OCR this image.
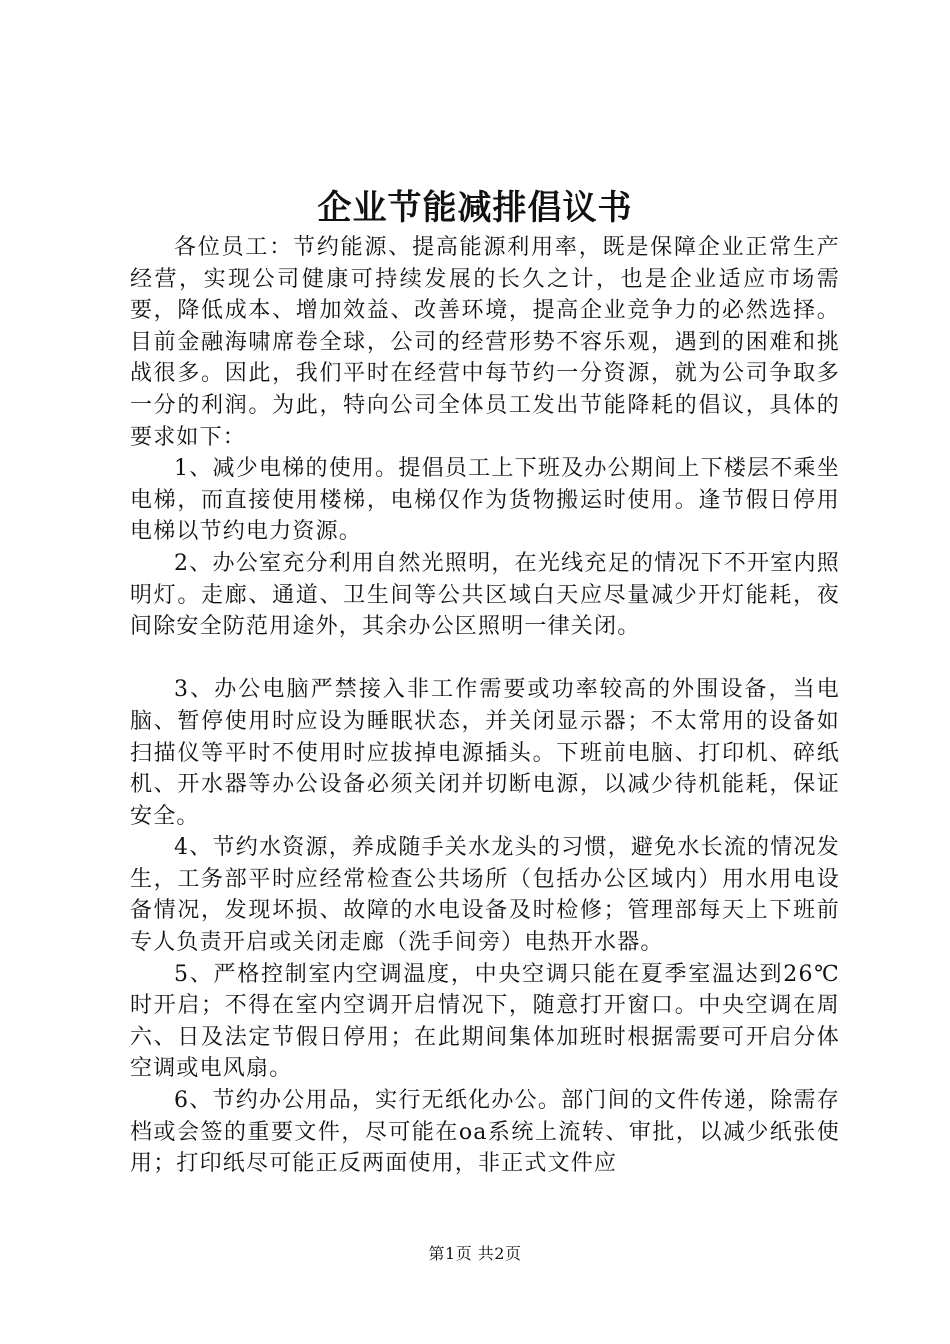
企业节能减排倡议书

各位员工：节约能源、提高能源利用率，既是保障企业正常生产经营，实现公司健康可持续发展的长久之计，也是企业适应市场需要，降低成本、增加效益、改善环境，提高企业竞争力的必然选择。目前金融海啸席卷全球，公司的经营形势不容乐观，遇到的困难和挑战很多。因此，我们平时在经营中每节约一分资源，就为公司争取多一分的利润。为此，特向公司全体员工发出节能降耗的倡议，具体的要求如下：

1、减少电梯的使用。提倡员工上下班及办公期间上下楼层不乘坐电梯，而直接使用楼梯，电梯仅作为货物搬运时使用。逢节假日停用电梯以节约电力资源。

2、办公室充分利用自然光照明，在光线充足的情况下不开室内照明灯。走廊、通道、卫生间等公共区域白天应尽量减少开灯能耗，夜间除安全防范用途外，其余办公区照明一律关闭。

3、办公电脑严禁接入非工作需要或功率较高的外围设备，当电脑、暂停使用时应设为睡眠状态，并关闭显示器；不太常用的设备如扫描仪等平时不使用时应拔掉电源插头。下班前电脑、打印机、碎纸机、开水器等办公设备必须关闭并切断电源，以减少待机能耗，保证安全。

4、节约水资源，养成随手关水龙头的习惯，避免水长流的情况发生，工务部平时应经常检查公共场所（包括办公区域内）用水用电设备情况，发现坏损、故障的水电设备及时检修；管理部每天上下班前专人负责开启或关闭走廊（洗手间旁）电热开水器。

5、严格控制室内空调温度，中央空调只能在夏季室温达到26℃时开启；不得在室内空调开启情况下，随意打开窗口。中央空调在周六、日及法定节假日停用；在此期间集体加班时根据需要可开启分体空调或电风扇。

6、节约办公用品，实行无纸化办公。部门间的文件传递，除需存档或会签的重要文件，尽可能在oa系统上流转、审批，以减少纸张使用；打印纸尽可能正反两面使用，非正式文件应

第1页 共2页
